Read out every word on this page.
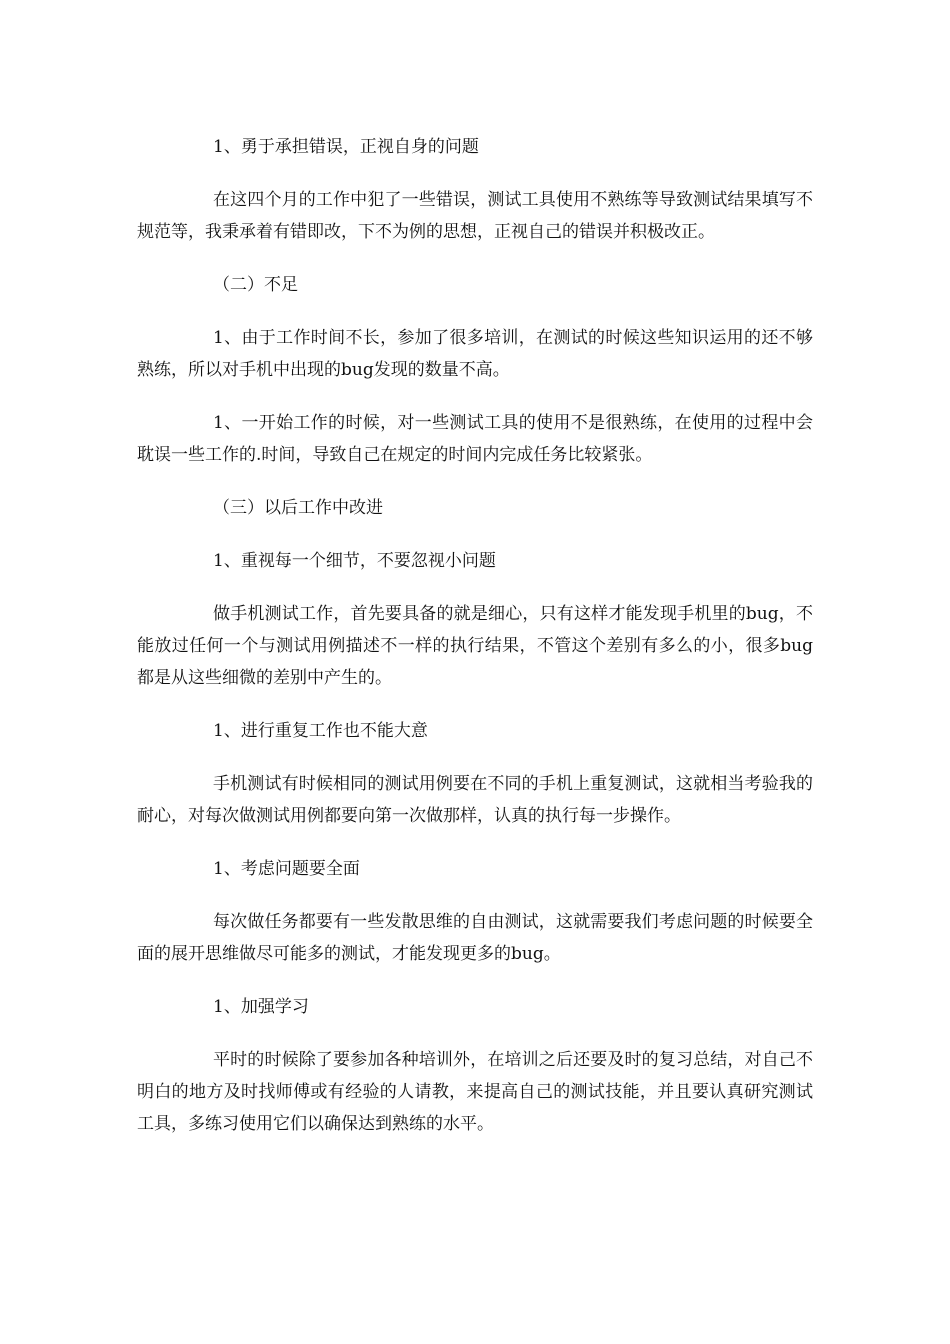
1、勇于承担错误，正视自身的问题

在这四个月的工作中犯了一些错误，测试工具使用不熟练等导致测试结果填写不规范等，我秉承着有错即改，下不为例的思想，正视自己的错误并积极改正。

（二）不足

1、由于工作时间不长，参加了很多培训，在测试的时候这些知识运用的还不够熟练，所以对手机中出现的bug发现的数量不高。

1、一开始工作的时候，对一些测试工具的使用不是很熟练，在使用的过程中会耽误一些工作的.时间，导致自己在规定的时间内完成任务比较紧张。

（三）以后工作中改进

1、重视每一个细节，不要忽视小问题

做手机测试工作，首先要具备的就是细心，只有这样才能发现手机里的bug，不能放过任何一个与测试用例描述不一样的执行结果，不管这个差别有多么的小，很多bug都是从这些细微的差别中产生的。

1、进行重复工作也不能大意

手机测试有时候相同的测试用例要在不同的手机上重复测试，这就相当考验我的耐心，对每次做测试用例都要向第一次做那样，认真的执行每一步操作。

1、考虑问题要全面

每次做任务都要有一些发散思维的自由测试，这就需要我们考虑问题的时候要全面的展开思维做尽可能多的测试，才能发现更多的bug。

1、加强学习

平时的时候除了要参加各种培训外，在培训之后还要及时的复习总结，对自己不明白的地方及时找师傅或有经验的人请教，来提高自己的测试技能，并且要认真研究测试工具，多练习使用它们以确保达到熟练的水平。
